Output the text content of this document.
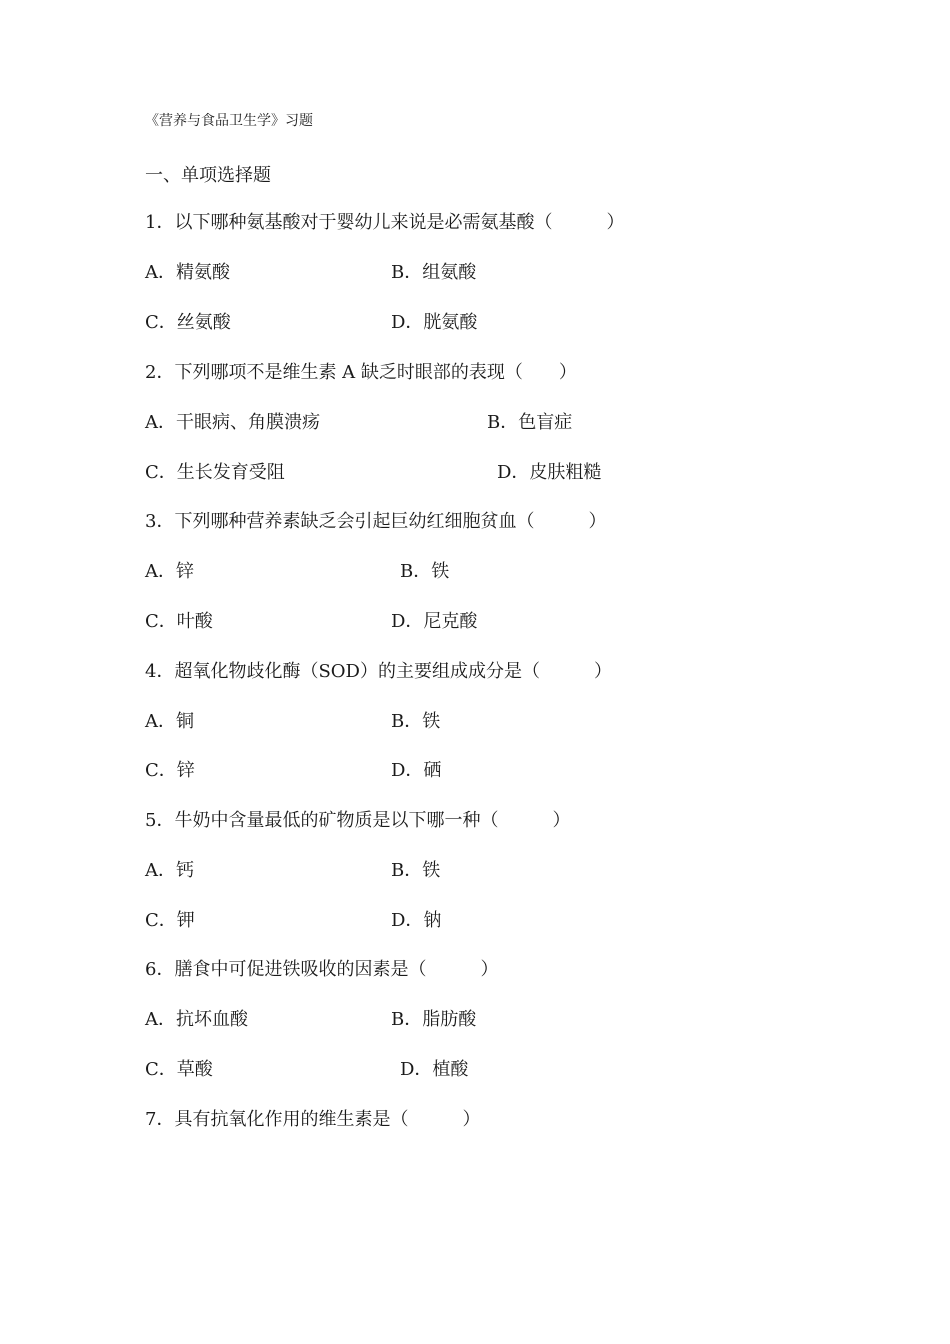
《营养与食品卫生学》习题
一、单项选择题
1．以下哪种氨基酸对于婴幼儿来说是必需氨基酸（　　　）
A．精氨酸	B．组氨酸
C．丝氨酸	D．胱氨酸
2．下列哪项不是维生素 A 缺乏时眼部的表现（　　）
A．干眼病、角膜溃疡	B．色盲症
C．生长发育受阻	D．皮肤粗糙
3．下列哪种营养素缺乏会引起巨幼红细胞贫血（　　　）
A．锌	B．铁
C．叶酸	D．尼克酸
4．超氧化物歧化酶（SOD）的主要组成成分是（　　　）
A．铜	B．铁
C．锌	D．硒
5．牛奶中含量最低的矿物质是以下哪一种（　　　）
A．钙	B．铁
C．钾	D．钠
6．膳食中可促进铁吸收的因素是（　　　）
A．抗坏血酸	B．脂肪酸
C．草酸	D．植酸
7．具有抗氧化作用的维生素是（　　　）
